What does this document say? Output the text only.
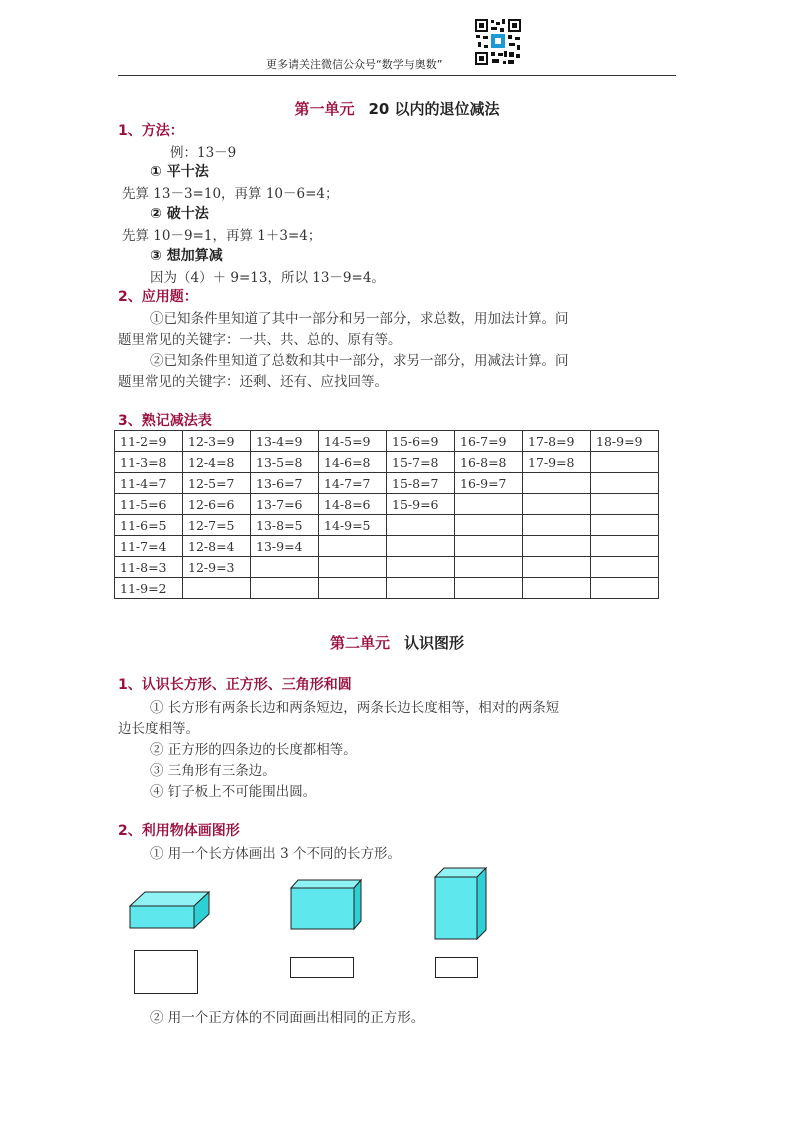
更多请关注微信公众号“数学与奥数”
第一单元 20 以内的退位减法
1、方法：
例：13－9
① 平十法
先算 13－3=10，再算 10－6=4；
② 破十法
先算 10－9=1，再算 1＋3=4；
③ 想加算减
因为（4）＋ 9=13，所以 13－9=4。
2、应用题：
①已知条件里知道了其中一部分和另一部分，求总数，用加法计算。问
题里常见的关键字：一共、共、总的、原有等。
②已知条件里知道了总数和其中一部分，求另一部分，用减法计算。问
题里常见的关键字：还剩、还有、应找回等。
3、熟记减法表
11-2=9	12-3=9	13-4=9	14-5=9	15-6=9	16-7=9	17-8=9	18-9=9
11-3=8	12-4=8	13-5=8	14-6=8	15-7=8	16-8=8	17-9=8	
11-4=7	12-5=7	13-6=7	14-7=7	15-8=7	16-9=7		
11-5=6	12-6=6	13-7=6	14-8=6	15-9=6			
11-6=5	12-7=5	13-8=5	14-9=5				
11-7=4	12-8=4	13-9=4					
11-8=3	12-9=3						
11-9=2							
第二单元 认识图形
1、认识长方形、正方形、三角形和圆
① 长方形有两条长边和两条短边，两条长边长度相等，相对的两条短
边长度相等。
② 正方形的四条边的长度都相等。
③ 三角形有三条边。
④ 钉子板上不可能围出圆。
2、利用物体画图形
① 用一个长方体画出 3 个不同的长方形。
② 用一个正方体的不同面画出相同的正方形。
